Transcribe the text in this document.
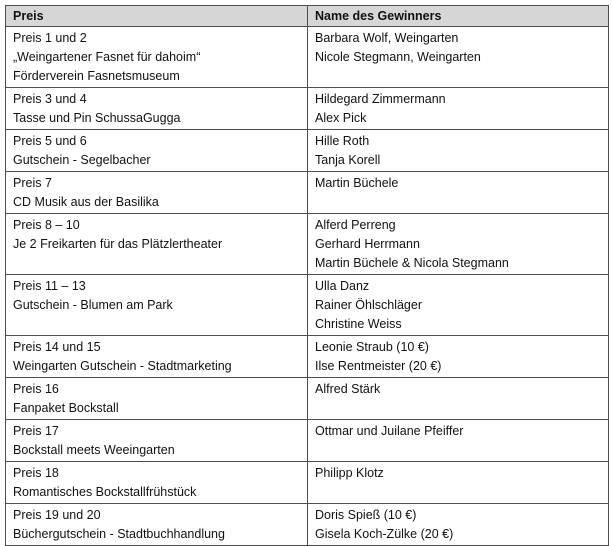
Preis	Name des Gewinners

Preis 1 und 2
„Weingartener Fasnet für dahoim“
Förderverein Fasnetsmuseum	Barbara Wolf, Weingarten
Nicole Stegmann, Weingarten

Preis 3 und 4
Tasse und Pin SchussaGugga	Hildegard Zimmermann
Alex Pick

Preis 5 und 6
Gutschein - Segelbacher	Hille Roth
Tanja Korell

Preis 7
CD Musik aus der Basilika	Martin Büchele

Preis 8 – 10
Je 2 Freikarten für das Plätzlertheater	Alferd Perreng
Gerhard Herrmann
Martin Büchele & Nicola Stegmann

Preis 11 – 13
Gutschein - Blumen am Park	Ulla Danz
Rainer Öhlschläger
Christine Weiss

Preis 14 und 15
Weingarten Gutschein - Stadtmarketing	Leonie Straub (10 €)
Ilse Rentmeister (20 €)

Preis 16
Fanpaket Bockstall	Alfred Stärk

Preis 17
Bockstall meets Weeingarten	Ottmar und Juilane Pfeiffer

Preis 18
Romantisches Bockstallfrühstück	Philipp Klotz

Preis 19 und 20
Büchergutschein - Stadtbuchhandlung	Doris Spieß (10 €)
Gisela Koch-Zülke (20 €)
